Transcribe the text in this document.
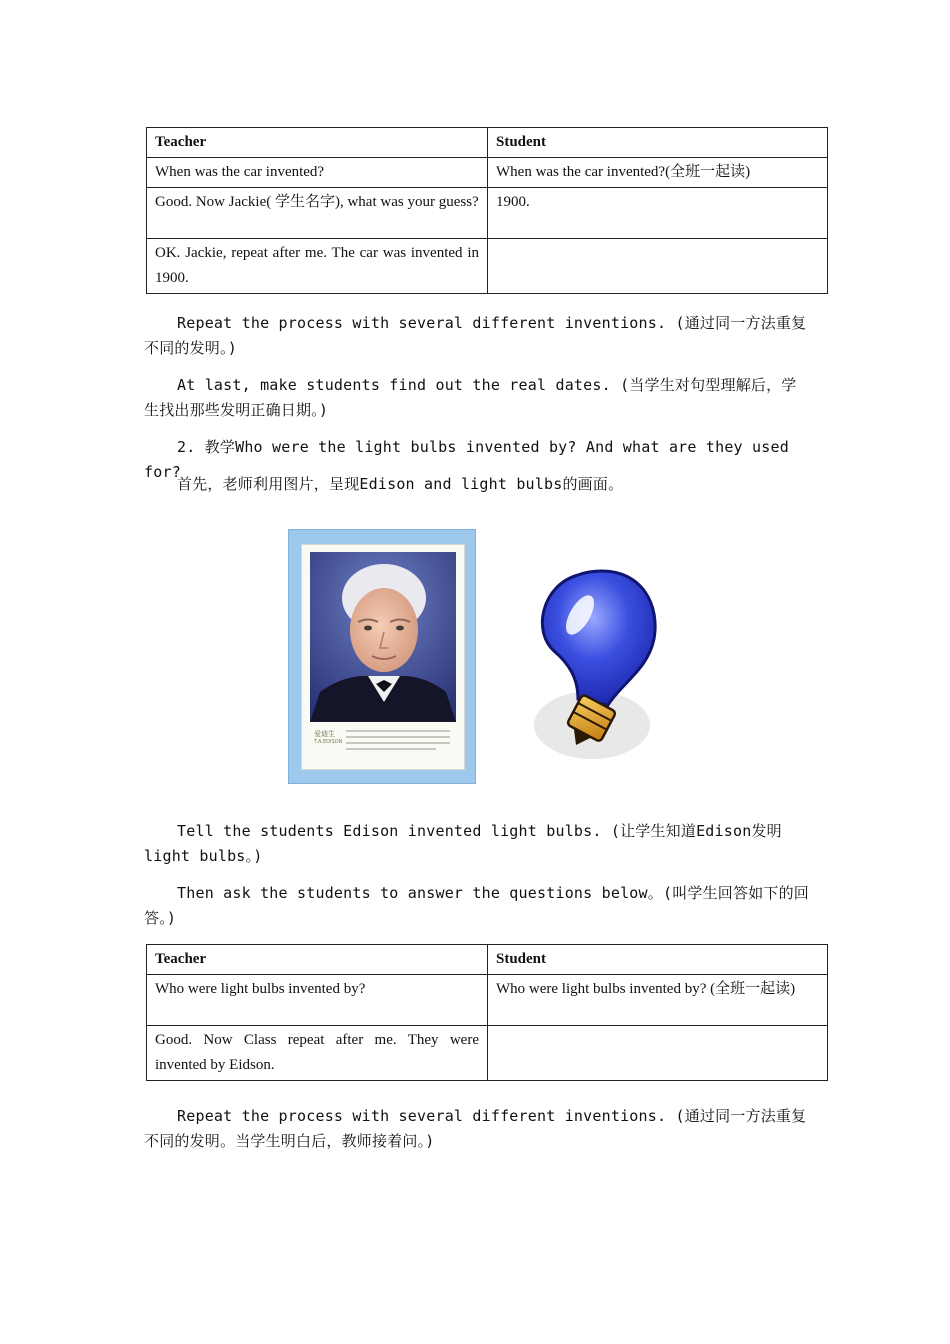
Teacher	Student
When was the car invented?	When was the car invented?(全班一起读)
Good. Now Jackie( 学生名字), what was your guess?	1900.
OK. Jackie, repeat after me. The car was invented in 1900.	
Repeat the process with several different inventions. (通过同一方法重复不同的发明。)
At last, make students find out the real dates. (当学生对句型理解后，学生找出那些发明正确日期。)
2. 教学Who were the light bulbs invented by? And what are they used for?
首先，老师利用图片，呈现Edison and light bulbs的画面。
爱迪生
T.A.EDISON
Tell the students Edison invented light bulbs. (让学生知道Edison发明light bulbs。)
Then ask the students to answer the questions below。(叫学生回答如下的回答。)
Teacher	Student
Who were light bulbs invented by?	Who were light bulbs invented by? (全班一起读)
Good. Now Class repeat after me. They were invented by Eidson.	
Repeat the process with several different inventions. (通过同一方法重复不同的发明。当学生明白后，教师接着问。)
